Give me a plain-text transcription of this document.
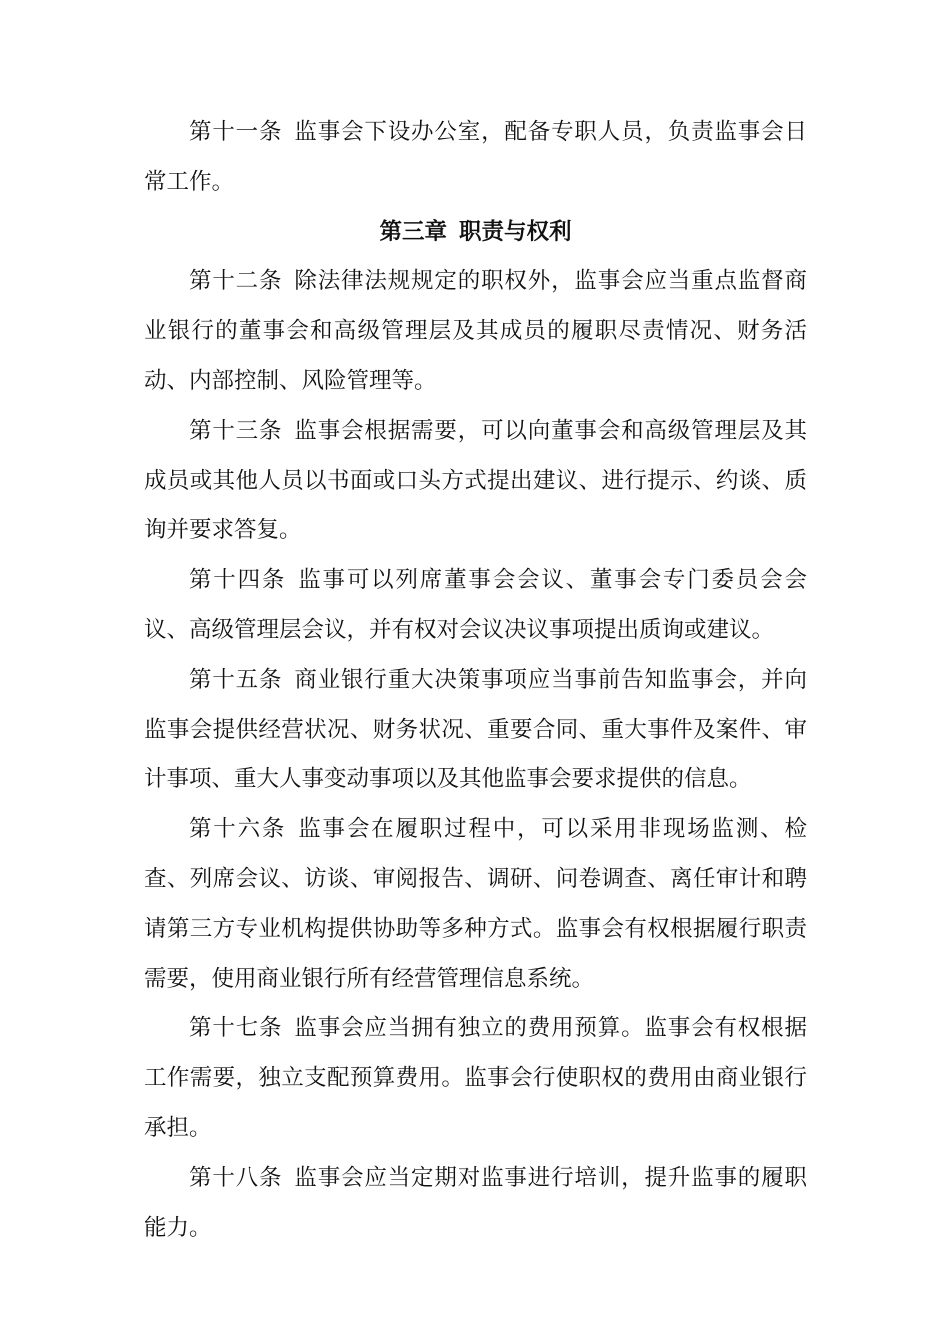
第十一条 监事会下设办公室，配备专职人员，负责监事会日常工作。

第三章 职责与权利

第十二条 除法律法规规定的职权外，监事会应当重点监督商业银行的董事会和高级管理层及其成员的履职尽责情况、财务活动、内部控制、风险管理等。

第十三条 监事会根据需要，可以向董事会和高级管理层及其成员或其他人员以书面或口头方式提出建议、进行提示、约谈、质询并要求答复。

第十四条 监事可以列席董事会会议、董事会专门委员会会议、高级管理层会议，并有权对会议决议事项提出质询或建议。

第十五条 商业银行重大决策事项应当事前告知监事会，并向监事会提供经营状况、财务状况、重要合同、重大事件及案件、审计事项、重大人事变动事项以及其他监事会要求提供的信息。

第十六条 监事会在履职过程中，可以采用非现场监测、检查、列席会议、访谈、审阅报告、调研、问卷调查、离任审计和聘请第三方专业机构提供协助等多种方式。监事会有权根据履行职责需要，使用商业银行所有经营管理信息系统。

第十七条 监事会应当拥有独立的费用预算。监事会有权根据工作需要，独立支配预算费用。监事会行使职权的费用由商业银行承担。

第十八条 监事会应当定期对监事进行培训，提升监事的履职能力。
